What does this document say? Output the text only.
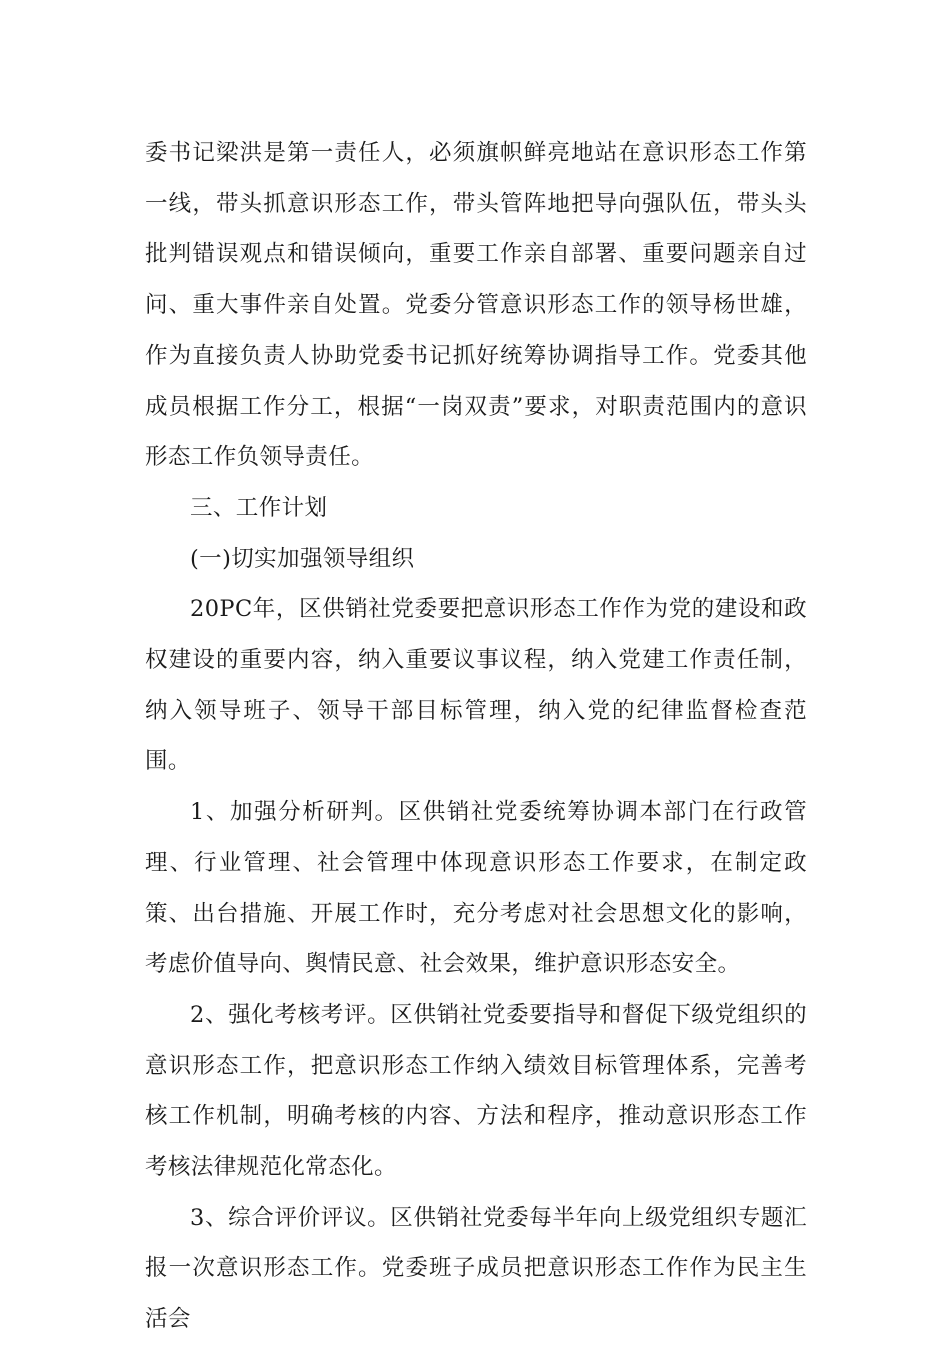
委书记梁洪是第一责任人，必须旗帜鲜亮地站在意识形态工作第一线，带头抓意识形态工作，带头管阵地把导向强队伍，带头头批判错误观点和错误倾向，重要工作亲自部署、重要问题亲自过问、重大事件亲自处置。党委分管意识形态工作的领导杨世雄，作为直接负责人协助党委书记抓好统筹协调指导工作。党委其他成员根据工作分工，根据“一岗双责”要求，对职责范围内的意识形态工作负领导责任。

三、工作计划

(一)切实加强领导组织

20PC年，区供销社党委要把意识形态工作作为党的建设和政权建设的重要内容，纳入重要议事议程，纳入党建工作责任制，纳入领导班子、领导干部目标管理，纳入党的纪律监督检查范围。

1、加强分析研判。区供销社党委统筹协调本部门在行政管理、行业管理、社会管理中体现意识形态工作要求，在制定政策、出台措施、开展工作时，充分考虑对社会思想文化的影响，考虑价值导向、舆情民意、社会效果，维护意识形态安全。

2、强化考核考评。区供销社党委要指导和督促下级党组织的意识形态工作，把意识形态工作纳入绩效目标管理体系，完善考核工作机制，明确考核的内容、方法和程序，推动意识形态工作考核法律规范化常态化。

3、综合评价评议。区供销社党委每半年向上级党组织专题汇报一次意识形态工作。党委班子成员把意识形态工作作为民主生活会
